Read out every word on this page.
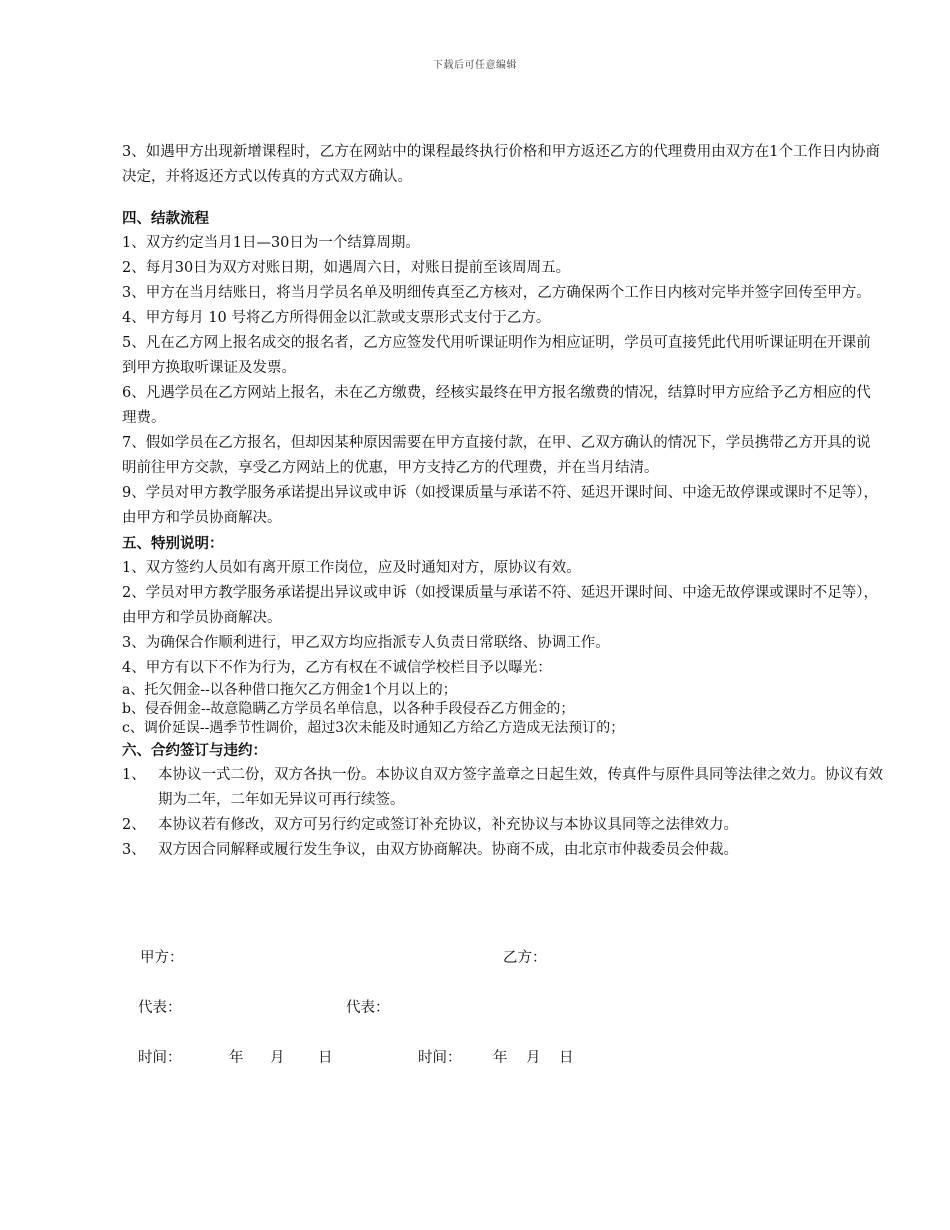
下载后可任意编辑

3、如遇甲方出现新增课程时，乙方在网站中的课程最终执行价格和甲方返还乙方的代理费用由双方在1个工作日内协商决定，并将返还方式以传真的方式双方确认。

四、结款流程

1、双方约定当月1日—30日为一个结算周期。

2、每月30日为双方对账日期，如遇周六日，对账日提前至该周周五。

3、甲方在当月结账日，将当月学员名单及明细传真至乙方核对，乙方确保两个工作日内核对完毕并签字回传至甲方。

4、甲方每月 10 号将乙方所得佣金以汇款或支票形式支付于乙方。

5、凡在乙方网上报名成交的报名者，乙方应签发代用听课证明作为相应证明，学员可直接凭此代用听课证明在开课前到甲方换取听课证及发票。

6、凡遇学员在乙方网站上报名，未在乙方缴费，经核实最终在甲方报名缴费的情况，结算时甲方应给予乙方相应的代理费。

7、假如学员在乙方报名，但却因某种原因需要在甲方直接付款，在甲、乙双方确认的情况下，学员携带乙方开具的说明前往甲方交款，享受乙方网站上的优惠，甲方支持乙方的代理费，并在当月结清。

9、学员对甲方教学服务承诺提出异议或申诉（如授课质量与承诺不符、延迟开课时间、中途无故停课或课时不足等），由甲方和学员协商解决。

五、特别说明：

1、双方签约人员如有离开原工作岗位，应及时通知对方，原协议有效。

2、学员对甲方教学服务承诺提出异议或申诉（如授课质量与承诺不符、延迟开课时间、中途无故停课或课时不足等），由甲方和学员协商解决。

3、为确保合作顺利进行，甲乙双方均应指派专人负责日常联络、协调工作。

4、甲方有以下不作为行为，乙方有权在不诚信学校栏目予以曝光：

a、托欠佣金--以各种借口拖欠乙方佣金1个月以上的；

b、侵吞佣金--故意隐瞒乙方学员名单信息，以各种手段侵吞乙方佣金的；

c、调价延误--遇季节性调价，超过3次未能及时通知乙方给乙方造成无法预订的；

六、合约签订与违约：

1、 本协议一式二份，双方各执一份。本协议自双方签字盖章之日起生效，传真件与原件具同等法律之效力。协议有效期为二年，二年如无异议可再行续签。
2、 本协议若有修改，双方可另行约定或签订补充协议，补充协议与本协议具同等之法律效力。
3、 双方因合同解释或履行发生争议，由双方协商解决。协商不成，由北京市仲裁委员会仲裁。
甲方：	乙方：
代表：	代表：
时间：	年 月 日	时间： 年 月 日
